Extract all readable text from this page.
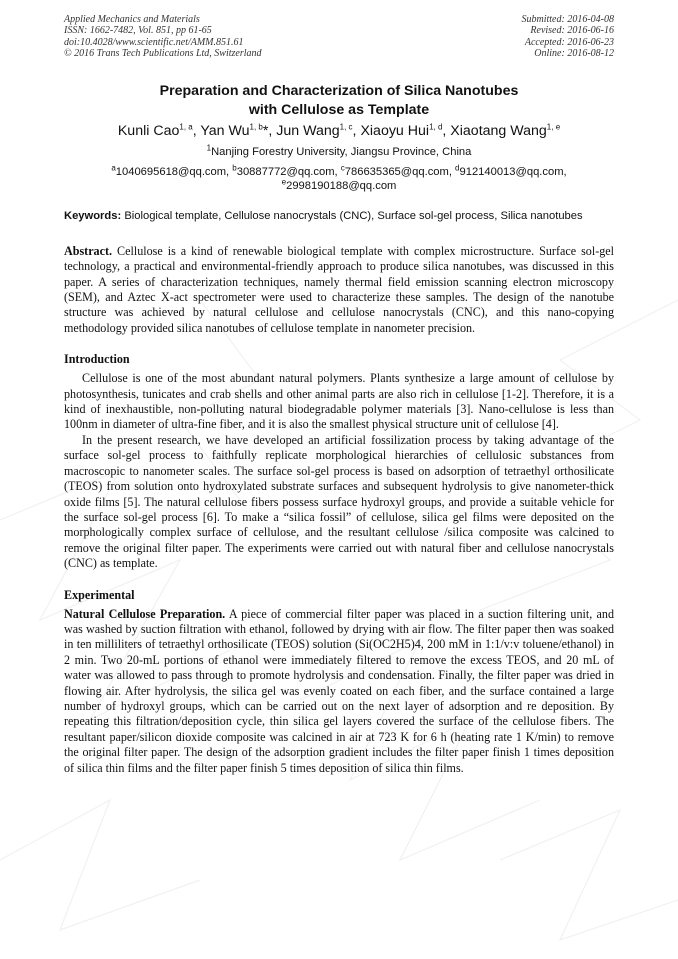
Applied Mechanics and Materials
ISSN: 1662-7482, Vol. 851, pp 61-65
doi:10.4028/www.scientific.net/AMM.851.61
© 2016 Trans Tech Publications Ltd, Switzerland
Submitted: 2016-04-08
Revised: 2016-06-16
Accepted: 2016-06-23
Online: 2016-08-12
Preparation and Characterization of Silica Nanotubes
with Cellulose as Template
Kunli Cao$^{1, a}$, Yan Wu$^{1, b}$*, Jun Wang$^{1, c}$, Xiaoyu Hui$^{1, d}$, Xiaotang Wang$^{1, e}$
$^1$Nanjing Forestry University, Jiangsu Province, China
$^a$1040695618@qq.com, $^b$30887772@qq.com, $^c$786635365@qq.com, $^d$912140013@qq.com, $^e$2998190188@qq.com
Keywords: Biological template, Cellulose nanocrystals (CNC), Surface sol-gel process, Silica nanotubes

Abstract. Cellulose is a kind of renewable biological template with complex microstructure. Surface sol-gel technology, a practical and environmental-friendly approach to produce silica nanotubes, was discussed in this paper. A series of characterization techniques, namely thermal field emission scanning electron microscopy (SEM), and Aztec X-act spectrometer were used to characterize these samples. The design of the nanotube structure was achieved by natural cellulose and cellulose nanocrystals (CNC), and this nano-copying methodology provided silica nanotubes of cellulose template in nanometer precision.

Introduction

Cellulose is one of the most abundant natural polymers. Plants synthesize a large amount of cellulose by photosynthesis, tunicates and crab shells and other animal parts are also rich in cellulose [1-2]. Therefore, it is a kind of inexhaustible, non-polluting natural biodegradable polymer materials [3]. Nano-cellulose is less than 100nm in diameter of ultra-fine fiber, and it is also the smallest physical structure unit of cellulose [4].

In the present research, we have developed an artificial fossilization process by taking advantage of the surface sol-gel process to faithfully replicate morphological hierarchies of cellulosic substances from macroscopic to nanometer scales. The surface sol-gel process is based on adsorption of tetraethyl orthosilicate (TEOS) from solution onto hydroxylated substrate surfaces and subsequent hydrolysis to give nanometer-thick oxide films [5]. The natural cellulose fibers possess surface hydroxyl groups, and provide a suitable vehicle for the surface sol-gel process [6]. To make a “silica fossil” of cellulose, silica gel films were deposited on the morphologically complex surface of cellulose, and the resultant cellulose /silica composite was calcined to remove the original filter paper. The experiments were carried out with natural fiber and cellulose nanocrystals (CNC) as template.

Experimental

Natural Cellulose Preparation. A piece of commercial filter paper was placed in a suction filtering unit, and was washed by suction filtration with ethanol, followed by drying with air flow. The filter paper then was soaked in ten milliliters of tetraethyl orthosilicate (TEOS) solution (Si(OC2H5)4, 200 mM in 1:1/v:v toluene/ethanol) in 2 min. Two 20-mL portions of ethanol were immediately filtered to remove the excess TEOS, and 20 mL of water was allowed to pass through to promote hydrolysis and condensation. Finally, the filter paper was dried in flowing air. After hydrolysis, the silica gel was evenly coated on each fiber, and the surface contained a large number of hydroxyl groups, which can be carried out on the next layer of adsorption and re deposition. By repeating this filtration/deposition cycle, thin silica gel layers covered the surface of the cellulose fibers. The resultant paper/silicon dioxide composite was calcined in air at 723 K for 6 h (heating rate 1 K/min) to remove the original filter paper. The design of the adsorption gradient includes the filter paper finish 1 times deposition of silica thin films and the filter paper finish 5 times deposition of silica thin films.
